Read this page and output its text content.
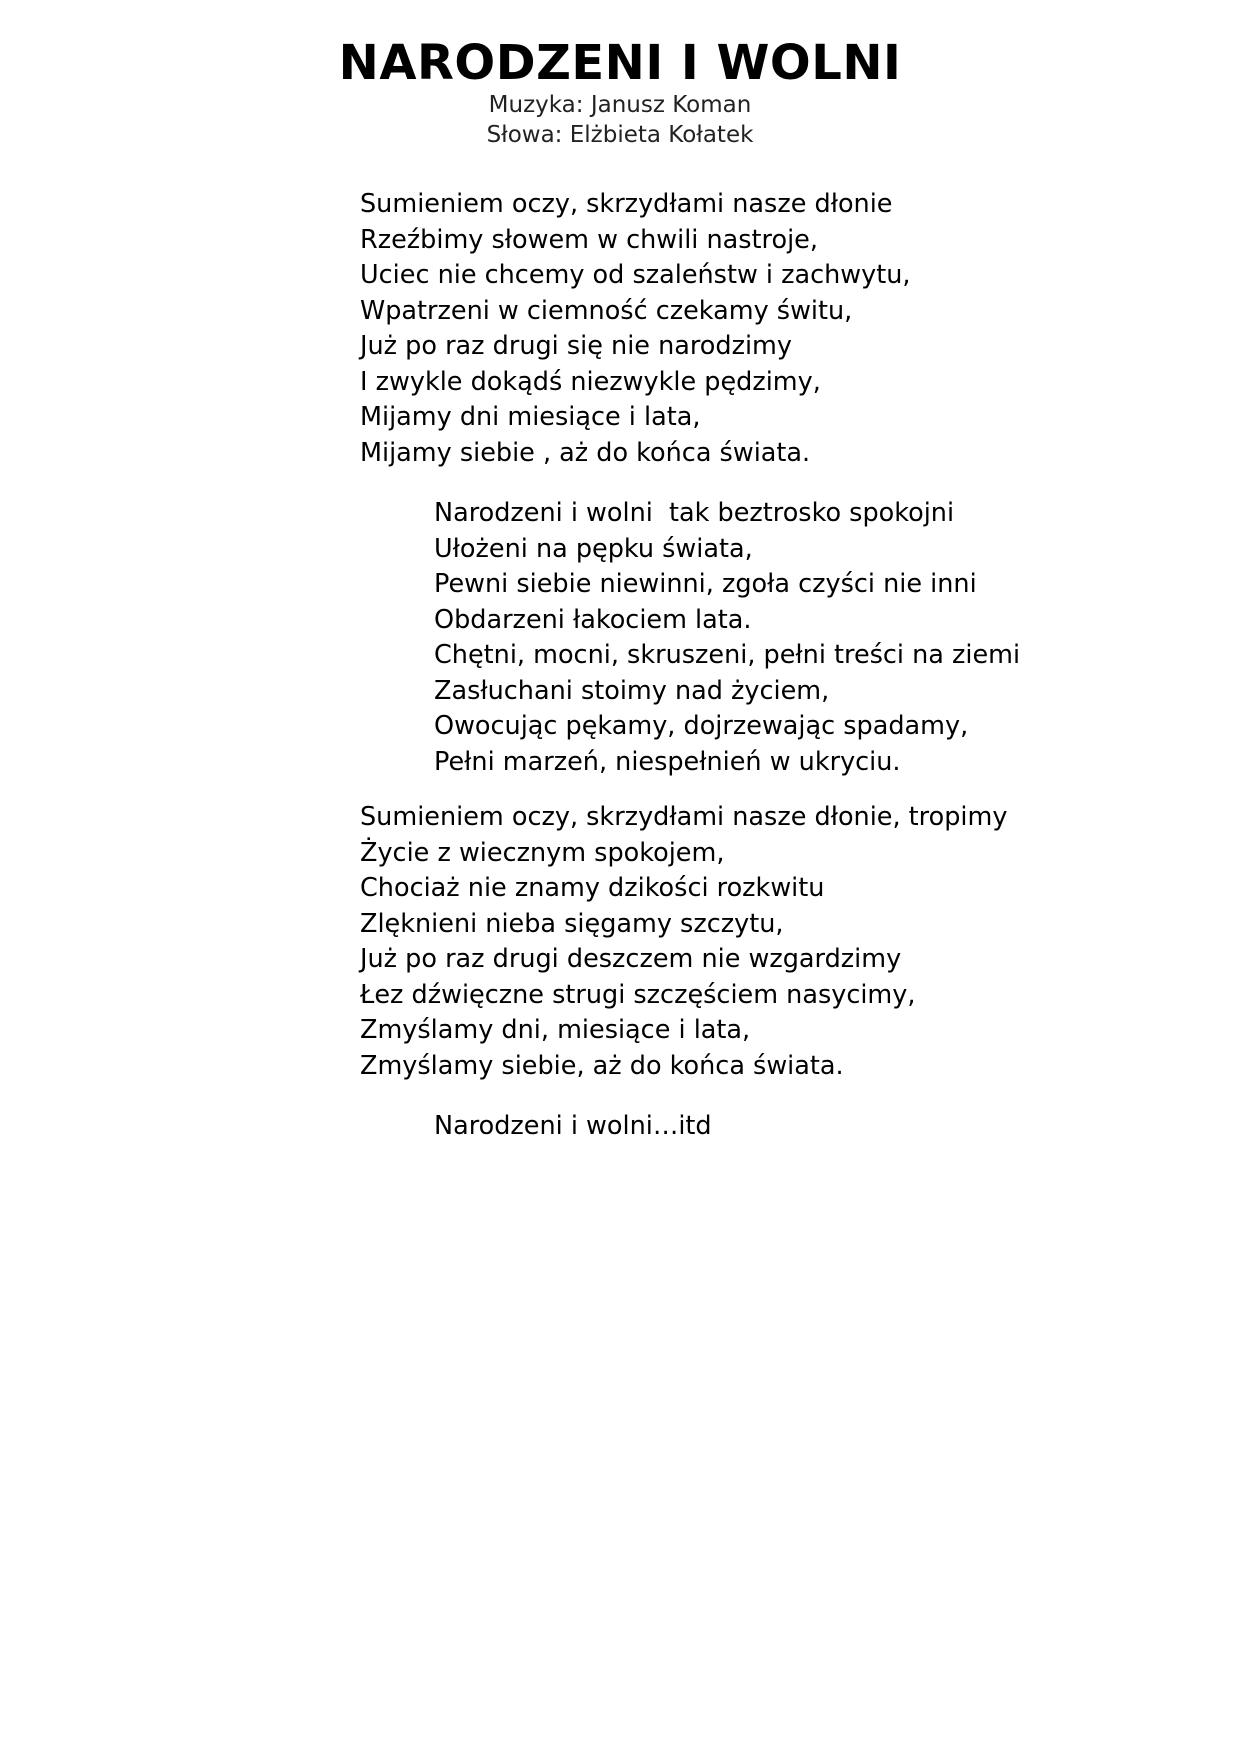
NARODZENI I WOLNI
Muzyka: Janusz Koman
Słowa: Elżbieta Kołatek
Sumieniem oczy, skrzydłami nasze dłonie
Rzeźbimy słowem w chwili nastroje,
Uciec nie chcemy od szaleństw i zachwytu,
Wpatrzeni w ciemność czekamy świtu,
Już po raz drugi się nie narodzimy
I zwykle dokądś niezwykle pędzimy,
Mijamy dni miesiące i lata,
Mijamy siebie , aż do końca świata.
Narodzeni i wolni  tak beztrosko spokojni
Ułożeni na pępku świata,
Pewni siebie niewinni, zgoła czyści nie inni
Obdarzeni łakociem lata.
Chętni, mocni, skruszeni, pełni treści na ziemi
Zasłuchani stoimy nad życiem,
Owocując pękamy, dojrzewając spadamy,
Pełni marzeń, niespełnień w ukryciu.
Sumieniem oczy, skrzydłami nasze dłonie, tropimy
Życie z wiecznym spokojem,
Chociaż nie znamy dzikości rozkwitu
Zlęknieni nieba sięgamy szczytu,
Już po raz drugi deszczem nie wzgardzimy
Łez dźwięczne strugi szczęściem nasycimy,
Zmyślamy dni, miesiące i lata,
Zmyślamy siebie, aż do końca świata.
Narodzeni i wolni…itd
